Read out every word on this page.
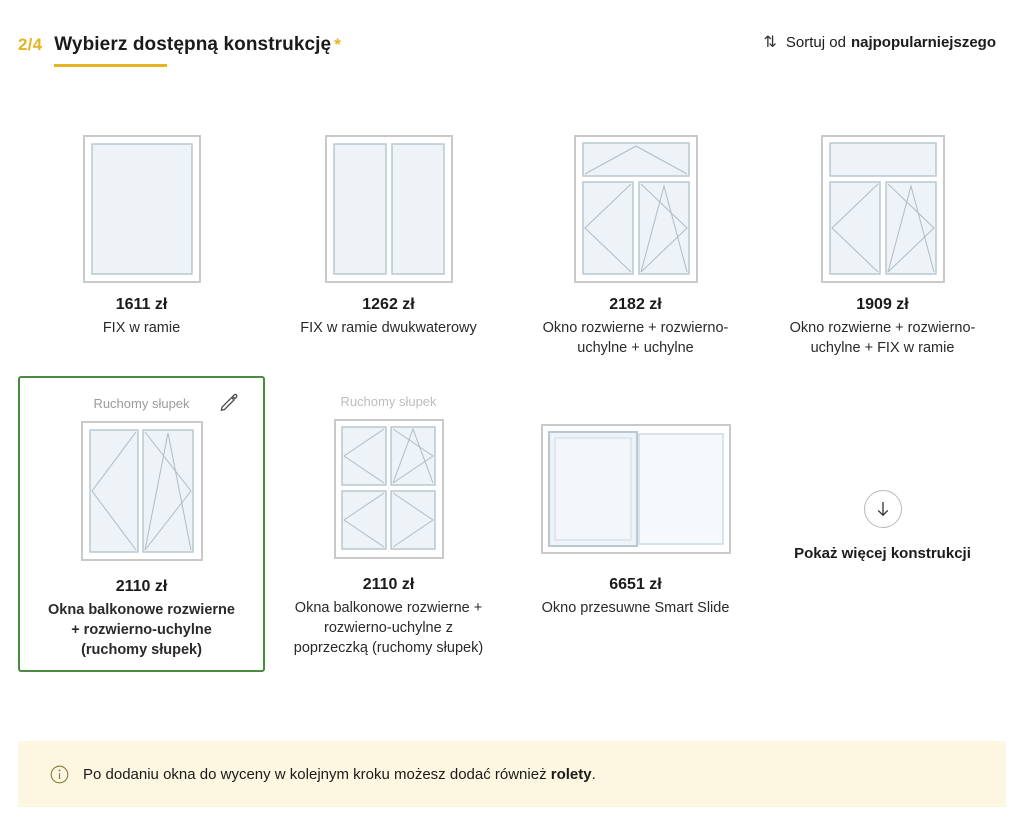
2/4 Wybierz dostępną konstrukcję *	⇅ Sortuj od najpopularniejszego
1611 zł
FIX w ramie
1262 zł
FIX w ramie dwukwaterowy
2182 zł
Okno rozwierne + rozwierno-uchylne + uchylne
1909 zł
Okno rozwierne + rozwierno-uchylne + FIX w ramie
Ruchomy słupek
2110 zł
Okna balkonowe rozwierne + rozwierno-uchylne (ruchomy słupek)
Ruchomy słupek
2110 zł
Okna balkonowe rozwierne + rozwierno-uchylne z poprzeczką (ruchomy słupek)
6651 zł
Okno przesuwne Smart Slide
Pokaż więcej konstrukcji
Po dodaniu okna do wyceny w kolejnym kroku możesz dodać również rolety.
